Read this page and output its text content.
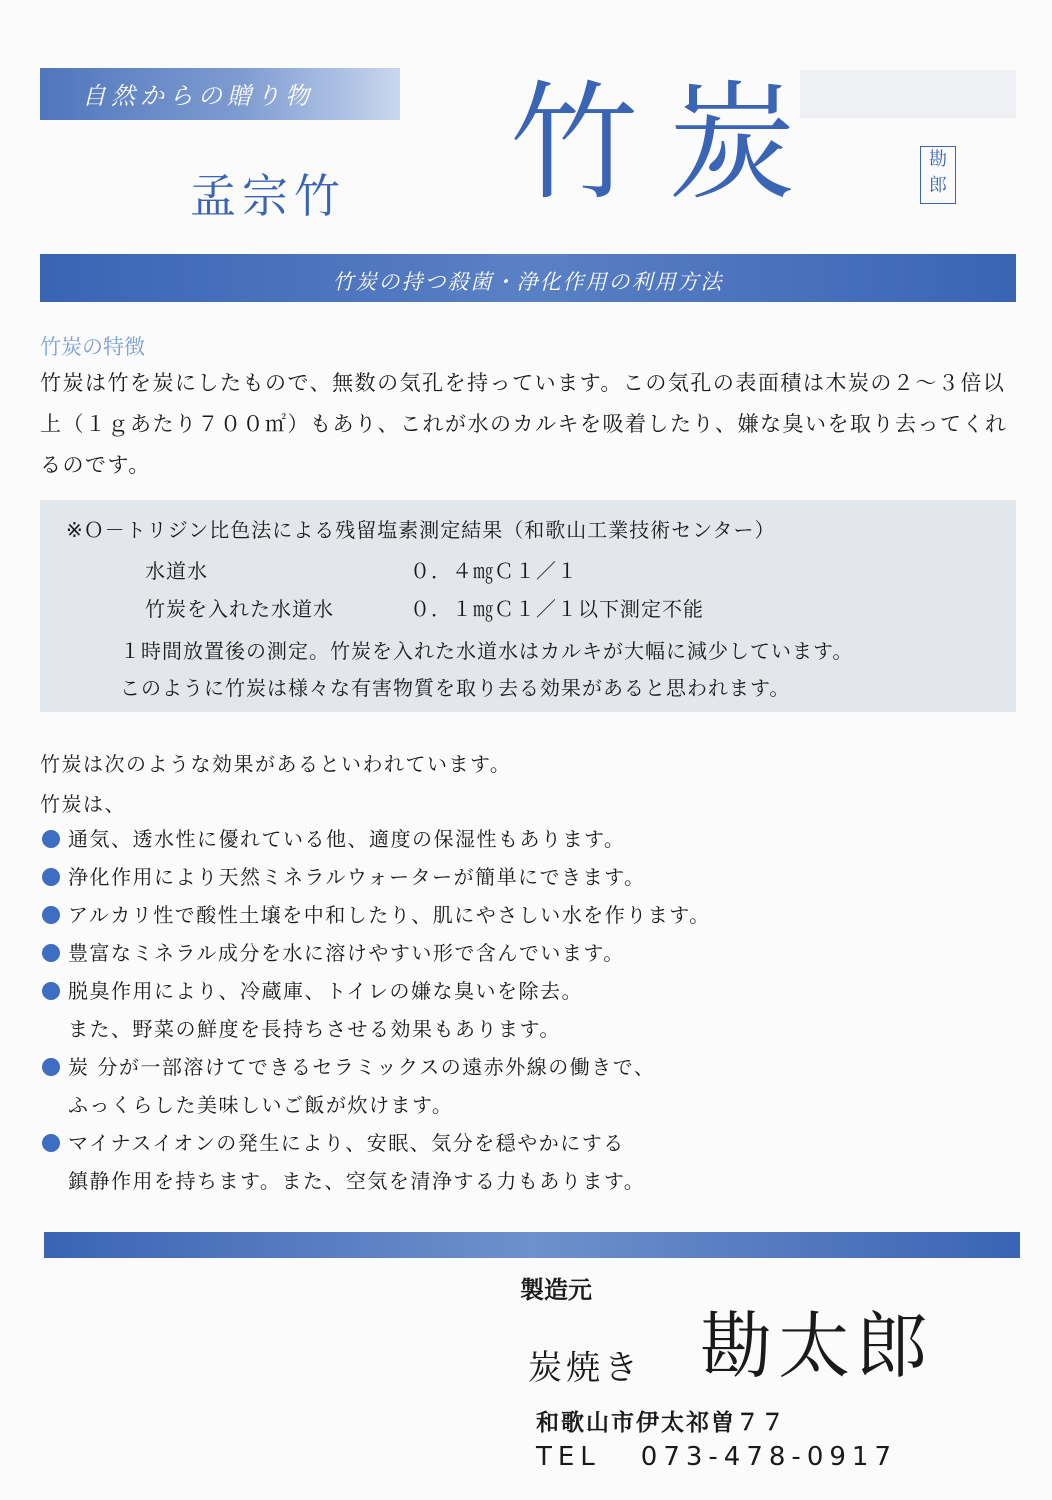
自然からの贈り物
孟宗竹 竹炭	勘郎
竹炭の持つ殺菌・浄化作用の利用方法
竹炭の特徴
竹炭は竹を炭にしたもので、無数の気孔を持っています。この気孔の表面積は木炭の２～３倍以上（１ｇあたり７００㎡）もあり、これが水のカルキを吸着したり、嫌な臭いを取り去ってくれるのです。
※Ｏ－トリジン比色法による残留塩素測定結果（和歌山工業技術センター）
水道水	０．４㎎Ｃ１／１
竹炭を入れた水道水	０．１㎎Ｃ１／１以下測定不能
１時間放置後の測定。竹炭を入れた水道水はカルキが大幅に減少しています。
このように竹炭は様々な有害物質を取り去る効果があると思われます。
竹炭は次のような効果があるといわれています。
竹炭は、
通気、透水性に優れている他、適度の保湿性もあります。
浄化作用により天然ミネラルウォーターが簡単にできます。
アルカリ性で酸性土壌を中和したり、肌にやさしい水を作ります。
豊富なミネラル成分を水に溶けやすい形で含んでいます。
脱臭作用により、冷蔵庫、トイレの嫌な臭いを除去。
また、野菜の鮮度を長持ちさせる効果もあります。
炭 分が一部溶けてできるセラミックスの遠赤外線の働きで、
ふっくらした美味しいご飯が炊けます。
マイナスイオンの発生により、安眠、気分を穏やかにする
鎮静作用を持ちます。また、空気を清浄する力もあります。
製造元
炭焼き 勘太郎
和歌山市伊太祁曽７７
TEL 073-478-0917
